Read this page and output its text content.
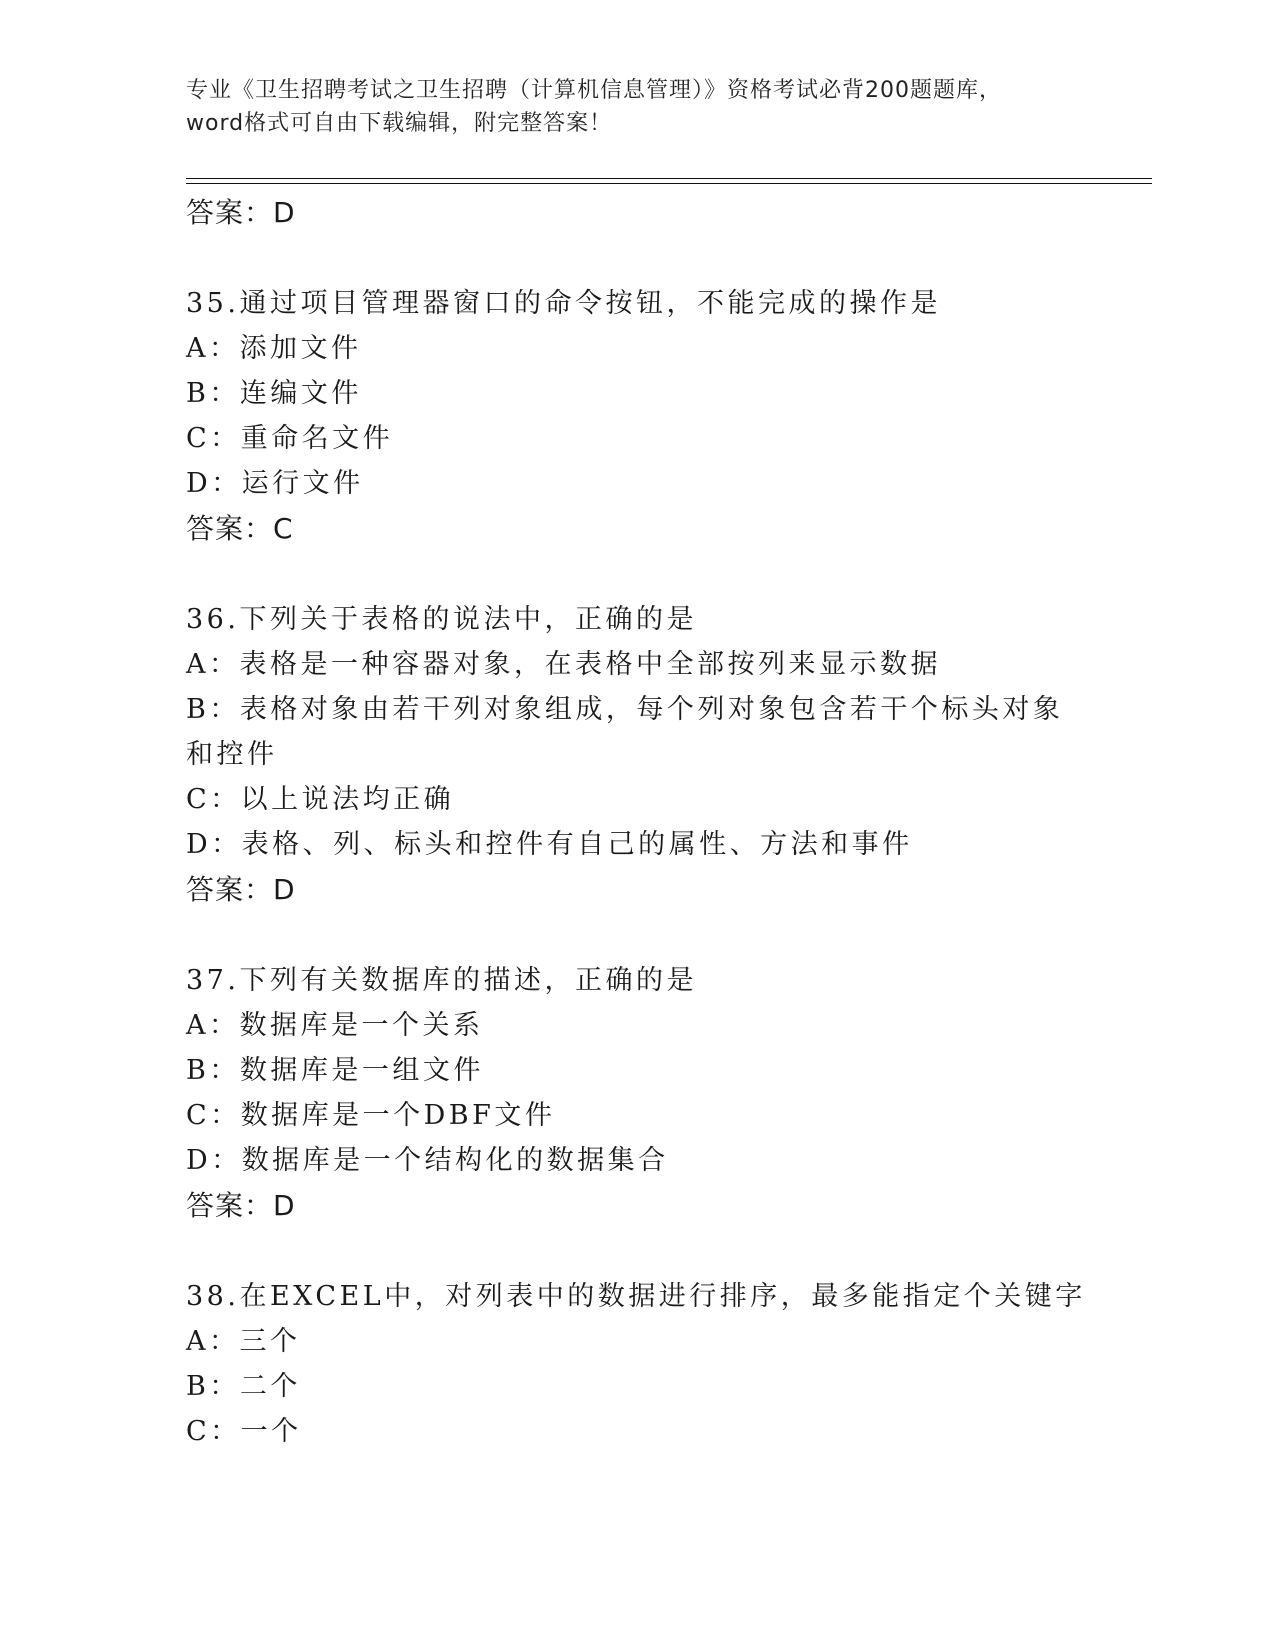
专业《卫生招聘考试之卫生招聘（计算机信息管理）》资格考试必背200题题库，
word格式可自由下载编辑，附完整答案！
答案：D
35.通过项目管理器窗口的命令按钮，不能完成的操作是
A：添加文件
B：连编文件
C：重命名文件
D：运行文件
答案：C
36.下列关于表格的说法中，正确的是
A：表格是一种容器对象，在表格中全部按列来显示数据
B：表格对象由若干列对象组成，每个列对象包含若干个标头对象和控件
C：以上说法均正确
D：表格、列、标头和控件有自己的属性、方法和事件
答案：D
37.下列有关数据库的描述，正确的是
A：数据库是一个关系
B：数据库是一组文件
C：数据库是一个DBF文件
D：数据库是一个结构化的数据集合
答案：D
38.在EXCEL中，对列表中的数据进行排序，最多能指定个关键字
A：三个
B：二个
C：一个
